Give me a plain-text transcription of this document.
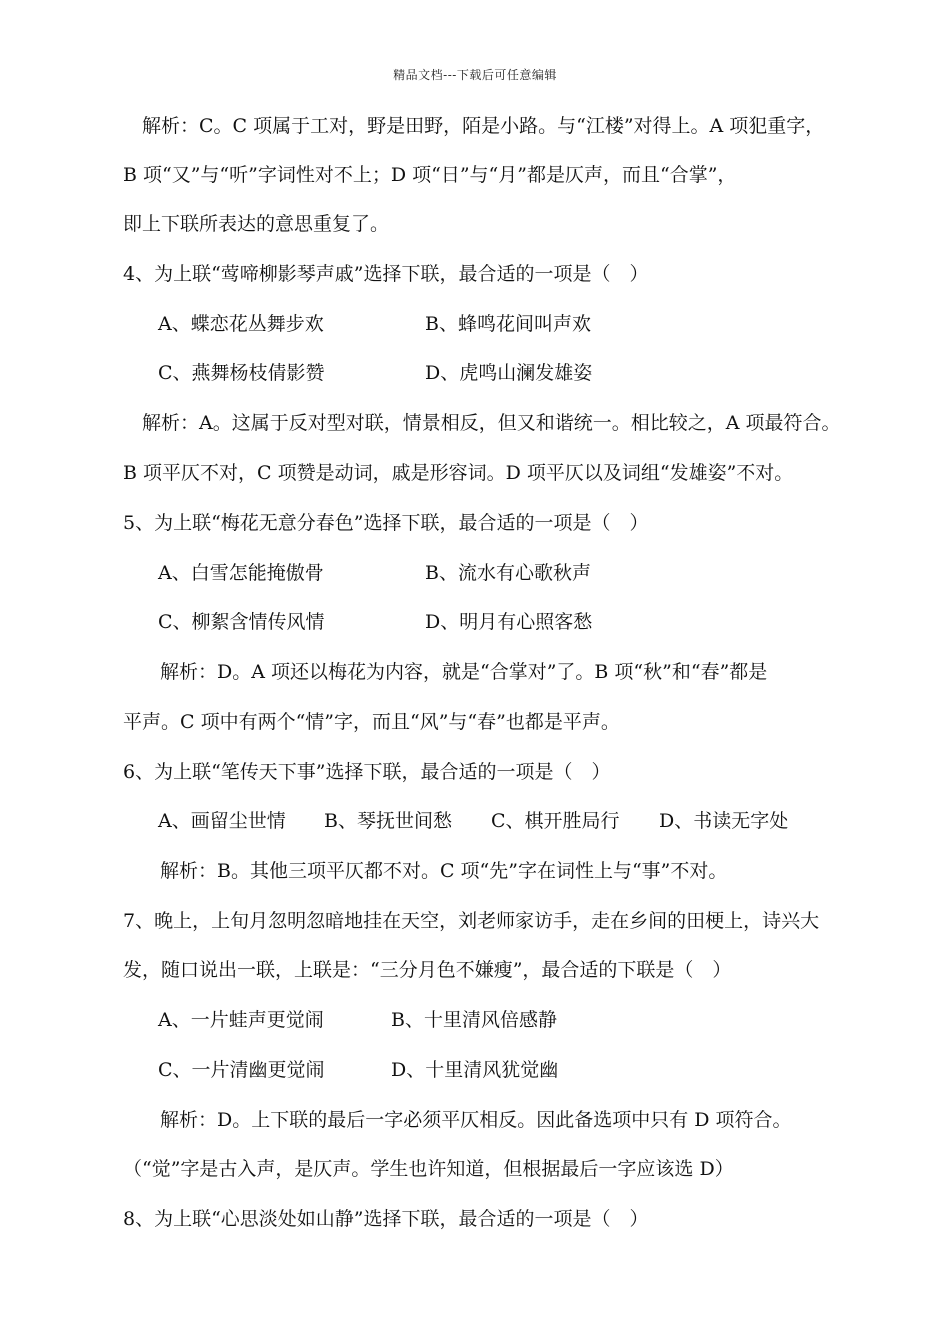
精品文档---下载后可任意编辑
解析：C。C 项属于工对，野是田野，陌是小路。与“江楼”对得上。A 项犯重字，
B 项“又”与“听”字词性对不上；D 项“日”与“月”都是仄声，而且“合掌”，
即上下联所表达的意思重复了。
4、为上联“莺啼柳影琴声戚”选择下联，最合适的一项是（　）
A、蝶恋花丛舞步欢	B、蜂鸣花间叫声欢
C、燕舞杨枝倩影赞	D、虎鸣山澜发雄姿
解析：A。这属于反对型对联，情景相反，但又和谐统一。相比较之，A 项最符合。
B 项平仄不对，C 项赞是动词，戚是形容词。D 项平仄以及词组“发雄姿”不对。
5、为上联“梅花无意分春色”选择下联，最合适的一项是（　）
A、白雪怎能掩傲骨	B、流水有心歌秋声
C、柳絮含情传风情	D、明月有心照客愁
解析：D。A 项还以梅花为内容，就是“合掌对”了。B 项“秋”和“春”都是
平声。C 项中有两个“情”字，而且“风”与“春”也都是平声。
6、为上联“笔传天下事”选择下联，最合适的一项是（　）
A、画留尘世情 B、琴抚世间愁 C、棋开胜局行 D、书读无字处
解析：B。其他三项平仄都不对。C 项“先”字在词性上与“事”不对。
7、晚上，上旬月忽明忽暗地挂在天空，刘老师家访手，走在乡间的田梗上，诗兴大
发，随口说出一联，上联是：“三分月色不嫌瘦”，最合适的下联是（　）
A、一片蛙声更觉闹	B、十里清风倍感静
C、一片清幽更觉闹	D、十里清风犹觉幽
解析：D。上下联的最后一字必须平仄相反。因此备选项中只有 D 项符合。
（“觉”字是古入声，是仄声。学生也许知道，但根据最后一字应该选 D）
8、为上联“心思淡处如山静”选择下联，最合适的一项是（　）
